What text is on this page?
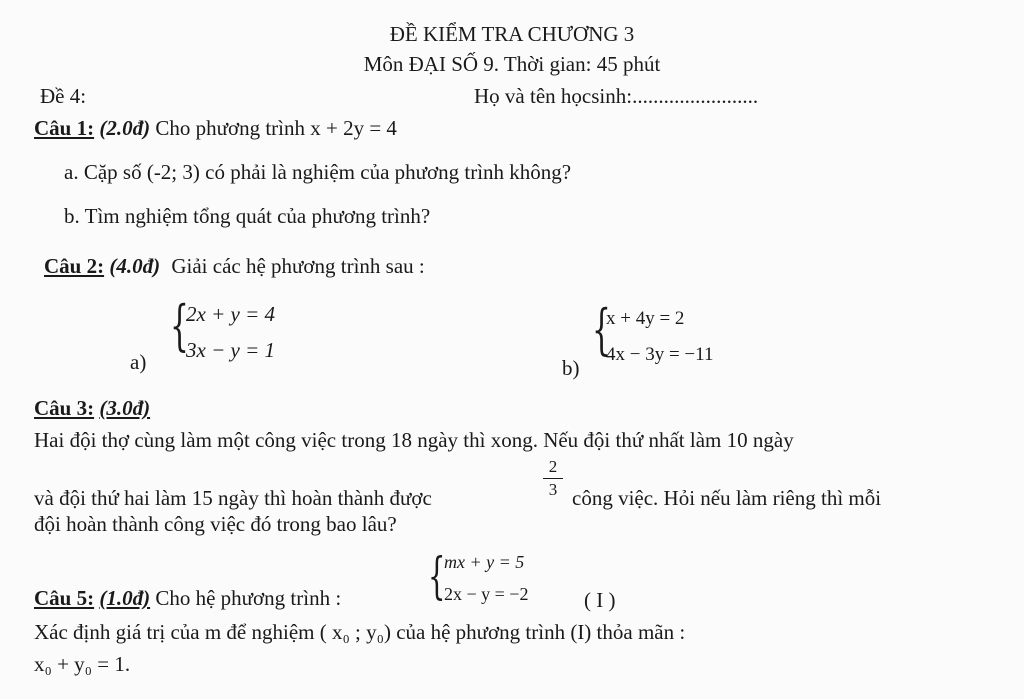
ĐỀ KIỂM TRA CHƯƠNG 3
Môn ĐẠI SỐ 9. Thời gian: 45 phút
Đề 4:	Họ và tên họcsinh:........................
Câu 1: (2.0đ) Cho phương trình x + 2y = 4
a. Cặp số (-2; 3) có phải là nghiệm của phương trình không?
b. Tìm nghiệm tổng quát của phương trình?
Câu 2: (4.0đ) Giải các hệ phương trình sau :
a)
{
2x + y = 4
3x − y = 1
b)
{
x + 4y = 2
4x − 3y = −11
Câu 3: (3.0đ)
Hai đội thợ cùng làm một công việc trong 18 ngày thì xong. Nếu đội thứ nhất làm 10 ngày
và đội thứ hai làm 15 ngày thì hoàn thành được
2
3 công việc. Hỏi nếu làm riêng thì mỗi
đội hoàn thành công việc đó trong bao lâu?
Câu 5: (1.0đ) Cho hệ phương trình : {
mx + y = 5
2x − y = −2	( I )
Xác định giá trị của m để nghiệm ( x₀ ; y₀) của hệ phương trình (I) thỏa mãn :
x₀ + y₀ = 1.
